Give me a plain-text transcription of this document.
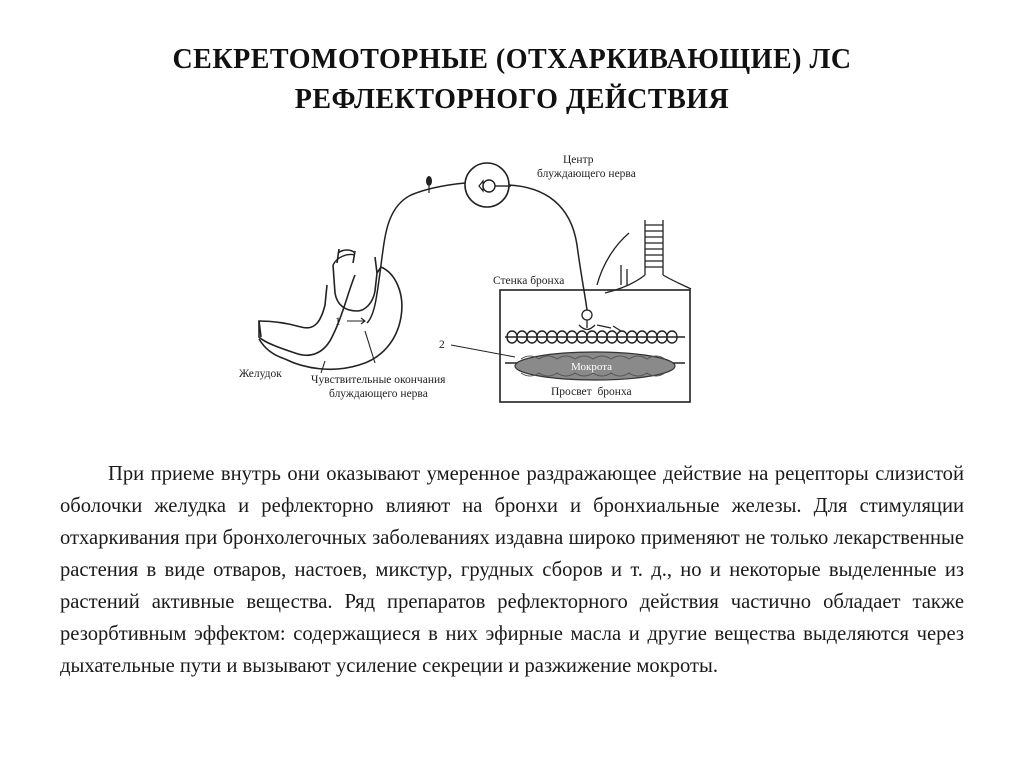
СЕКРЕТОМОТОРНЫЕ (ОТХАРКИВАЮЩИЕ) ЛС
РЕФЛЕКТОРНОГО ДЕЙСТВИЯ
Центр
блуждающего нерва
Стенка бронха
Желудок	Чувствительные окончания
блуждающего нерва
Мокрота
Просвет  бронха
1
2

При приеме внутрь они оказывают умеренное раздражающее действие на рецепторы слизистой оболочки желудка и рефлекторно влияют на бронхи и бронхиальные железы. Для стимуляции отхаркивания при бронхолегочных заболеваниях издавна широко применяют не только лекарственные растения в виде отваров, настоев, микстур, грудных сборов и т. д., но и некоторые выделенные из растений активные вещества. Ряд препаратов рефлекторного действия частично обладает также резорбтивным эффектом: содержащиеся в них эфирные масла и другие вещества выделяются через дыхательные пути и вызывают усиление секреции и разжижение мокроты.
